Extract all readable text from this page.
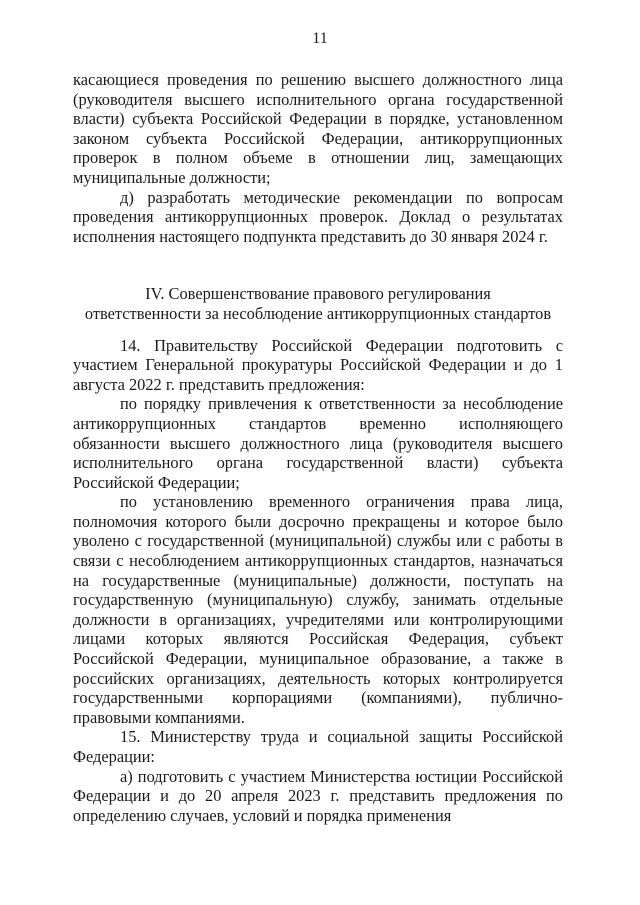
11

касающиеся проведения по решению высшего должностного лица (руководителя высшего исполнительного органа государственной власти) субъекта Российской Федерации в порядке, установленном законом субъекта Российской Федерации, антикоррупционных проверок в полном объеме в отношении лиц, замещающих муниципальные должности;

д) разработать методические рекомендации по вопросам проведения антикоррупционных проверок. Доклад о результатах исполнения настоящего подпункта представить до 30 января 2024 г.

IV. Совершенствование правового регулирования

ответственности за несоблюдение антикоррупционных стандартов

14. Правительству Российской Федерации подготовить с участием Генеральной прокуратуры Российской Федерации и до 1 августа 2022 г. представить предложения:

по порядку привлечения к ответственности за несоблюдение антикоррупционных стандартов временно исполняющего обязанности высшего должностного лица (руководителя высшего исполнительного органа государственной власти) субъекта Российской Федерации;

по установлению временного ограничения права лица, полномочия которого были досрочно прекращены и которое было уволено с государственной (муниципальной) службы или с работы в связи с несоблюдением антикоррупционных стандартов, назначаться на государственные (муниципальные) должности, поступать на государственную (муниципальную) службу, занимать отдельные должности в организациях, учредителями или контролирующими лицами которых являются Российская Федерация, субъект Российской Федерации, муниципальное образование, а также в российских организациях, деятельность которых контролируется государственными корпорациями (компаниями), публично-правовыми компаниями.

15. Министерству труда и социальной защиты Российской Федерации:

а) подготовить с участием Министерства юстиции Российской Федерации и до 20 апреля 2023 г. представить предложения по определению случаев, условий и порядка применения
